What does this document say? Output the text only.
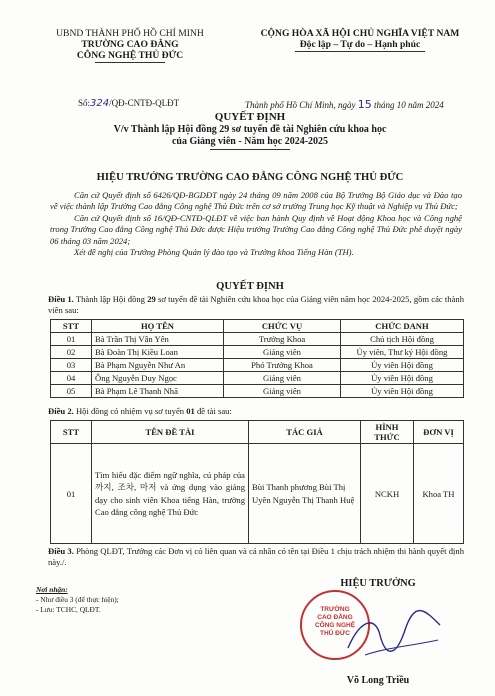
UBND THÀNH PHỐ HỒ CHÍ MINH
TRƯỜNG CAO ĐẲNG
CÔNG NGHỆ THỦ ĐỨC
CỘNG HÒA XÃ HỘI CHỦ NGHĨA VIỆT NAM
Độc lập – Tự do – Hạnh phúc
Số:324/QĐ-CNTĐ-QLĐT	Thành phố Hồ Chí Minh, ngày 15 tháng 10 năm 2024
QUYẾT ĐỊNH
V/v Thành lập Hội đồng 29 sơ tuyển đề tài Nghiên cứu khoa học
của Giảng viên - Năm học 2024-2025
HIỆU TRƯỞNG TRƯỜNG CAO ĐẲNG CÔNG NGHỆ THỦ ĐỨC
Căn cứ Quyết định số 6426/QĐ-BGDĐT ngày 24 tháng 09 năm 2008 của Bộ Trưởng Bộ Giáo dục và Đào tạo về việc thành lập Trường Cao đẳng Công nghệ Thủ Đức trên cơ sở trường Trung học Kỹ thuật và Nghiệp vụ Thủ Đức;
Căn cứ Quyết định số 16/QĐ-CNTĐ-QLĐT về việc ban hành Quy định về Hoạt động Khoa học và Công nghệ trong Trường Cao đẳng Công nghệ Thủ Đức được Hiệu trưởng Trường Cao đẳng Công nghệ Thủ Đức phê duyệt ngày 06 tháng 03 năm 2024;
Xét đề nghị của Trưởng Phòng Quản lý đào tạo và Trưởng khoa Tiếng Hàn (TH).
QUYẾT ĐỊNH
Điều 1. Thành lập Hội đồng 29 sơ tuyển đề tài Nghiên cứu khoa học của Giảng viên năm học 2024-2025, gồm các thành viên sau:
STT	HỌ TÊN	CHỨC VỤ	CHỨC DANH
01	Bà Trần Thị Vân Yên	Trưởng Khoa	Chủ tịch Hội đồng
02	Bà Đoàn Thị Kiều Loan	Giảng viên	Ủy viên, Thư ký Hội đồng
03	Bà Phạm Nguyễn Như An	Phó Trưởng Khoa	Ủy viên Hội đồng
04	Ông Nguyễn Duy Ngọc	Giảng viên	Ủy viên Hội đồng
05	Bà Phạm Lê Thanh Nhã	Giảng viên	Ủy viên Hội đồng
Điều 2. Hội đồng có nhiệm vụ sơ tuyển 01 đề tài sau:
STT	TÊN ĐỀ TÀI	TÁC GIẢ	HÌNH THỨC	ĐƠN VỊ
01	Tìm hiểu đặc điểm ngữ nghĩa, cú pháp của 까지, 조차, 마저 và ứng dụng vào giảng dạy cho sinh viên Khoa tiếng Hàn, trường Cao đẳng công nghệ Thủ Đức	Bùi Thanh phương Bùi Thị Uyên Nguyễn Thị Thanh Huệ	NCKH	Khoa TH
Điều 3. Phòng QLĐT, Trưởng các Đơn vị có liên quan và cá nhân có tên tại Điều 1 chịu trách nhiệm thi hành quyết định này./.
Nơi nhận:
- Như điều 3 (để thực hiện);
- Lưu: TCHC, QLĐT.
HIỆU TRƯỞNG
TRƯỜNG
CAO ĐẲNG
CÔNG NGHỆ
THỦ ĐỨC
Võ Long Triều
